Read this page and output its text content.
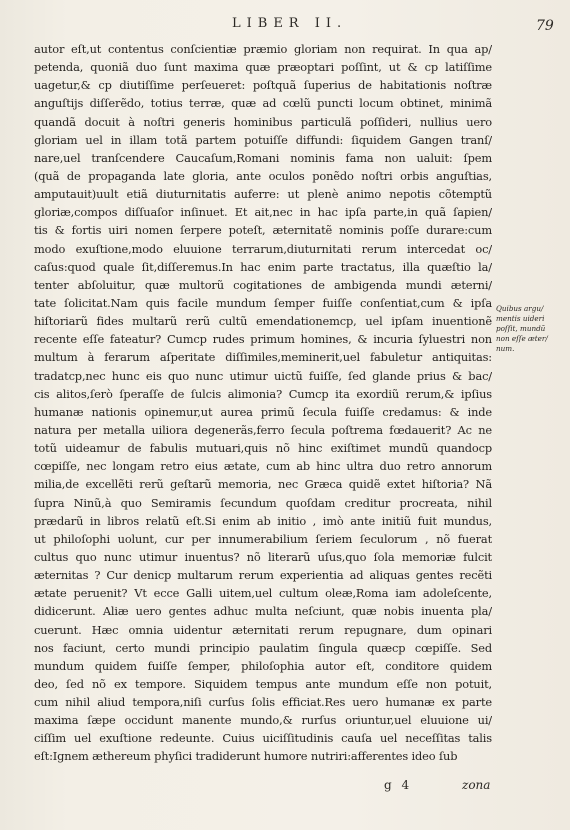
LIBER II.	79
autor eſt,ut contentus conſcientiæ præmio gloriam non requirat. In qua ap/
petenda, quoniã duo ſunt maxima quæ præoptari poſſint, ut & cp latiſſime
uagetur,& cp diutiſſime perſeueret: poſtquã ſuperius de habitationis noſtræ
anguſtijs diſſerẽdo, totius terræ, quæ ad cœlũ puncti locum obtinet, minimã
quandã docuit à noſtri generis hominibus particulã poſſideri, nullius uero
gloriam uel in illam totã partem potuiſſe diffundi: ſiquidem Gangen tranſ/
nare,uel tranſcendere Caucaſum,Romani nominis fama non ualuit: ſpem
(quã de propaganda late gloria, ante oculos ponẽdo noſtri orbis anguſtias,
amputauit)uult etiã diuturnitatis auferre: ut plenè animo nepotis cõtemptũ
gloriæ,compos diſſuaſor inſinuet. Et ait,nec in hac ipſa parte,in quã ſapien/
tis & fortis uiri nomen ſerpere poteſt, æternitatẽ nominis poſſe durare:cum
modo exuſtione,modo eluuione terrarum,diuturnitati rerum intercedat oc/
caſus:quod quale ſit,diſſeremus.In hac enim parte tractatus, illa quæſtio la/
tenter abſoluitur, quæ multorũ cogitationes de ambigenda mundi æterni/
tate ſolicitat.Nam quis facile mundum ſemper fuiſſe conſentiat,cum & ipſa
hiſtoriarũ fides multarũ rerũ cultũ emendationemcp, uel ipſam inuentionẽ
recente eſſe fateatur? Cumcp rudes primum homines, & incuria ſyluestri non
multum à ferarum aſperitate diſſimiles,meminerit,uel fabuletur antiquitas:
tradatcp,nec hunc eis quo nunc utimur uictũ fuiſſe, ſed glande prius & bac/
cis alitos,ſerò ſperaſſe de ſulcis alimonia? Cumcp ita exordiũ rerum,& ipſius
humanæ nationis opinemur,ut aurea primũ ſecula fuiſſe credamus: & inde
natura per metalla uiliora degenerãs,ferro ſecula poſtrema fœdauerit? Ac ne
totũ uideamur de fabulis mutuari,quis nõ hinc exiſtimet mundũ quandocp
cœpiſſe, nec longam retro eius ætate, cum ab hinc ultra duo retro annorum
milia,de excellẽti rerũ geſtarũ memoria, nec Græca quidẽ extet hiſtoria? Nã
ſupra Ninũ,à quo Semiramis ſecundum quoſdam creditur procreata, nihil
prædarũ in libros relatũ eſt.Si enim ab initio , imò ante initiũ fuit mundus,
ut philoſophi uolunt, cur per innumerabilium ſeriem ſeculorum , nõ fuerat
cultus quo nunc utimur inuentus? nõ literarũ uſus,quo ſola memoriæ fulcit
æternitas ? Cur denicp multarum rerum experientia ad aliquas gentes recẽti
ætate peruenit? Vt ecce Galli uitem,uel cultum oleæ,Roma iam adoleſcente,
didicerunt. Aliæ uero gentes adhuc multa neſciunt, quæ nobis inuenta pla/
cuerunt. Hæc omnia uidentur æternitati rerum repugnare, dum opinari
nos faciunt, certo mundi principio paulatim ſingula quæcp cœpiſſe. Sed
mundum quidem fuiſſe ſemper, philoſophia autor eſt, conditore quidem
deo, ſed nõ ex tempore. Siquidem tempus ante mundum eſſe non potuit,
cum nihil aliud tempora,niſi curſus ſolis efficiat.Res uero humanæ ex parte
maxima ſæpe occidunt manente mundo,& rurſus oriuntur,uel eluuione ui/
ciſſim uel exuſtione redeunte. Cuius uiciſſitudinis cauſa uel neceſſitas talis
eſt:Ignem æthereum phyſici tradiderunt humore nutriri:afferentes ideo ſub
Quibus argu/
mentis uideri
poſſit, mundũ
non eſſe æter/
num.
g 4	zona
